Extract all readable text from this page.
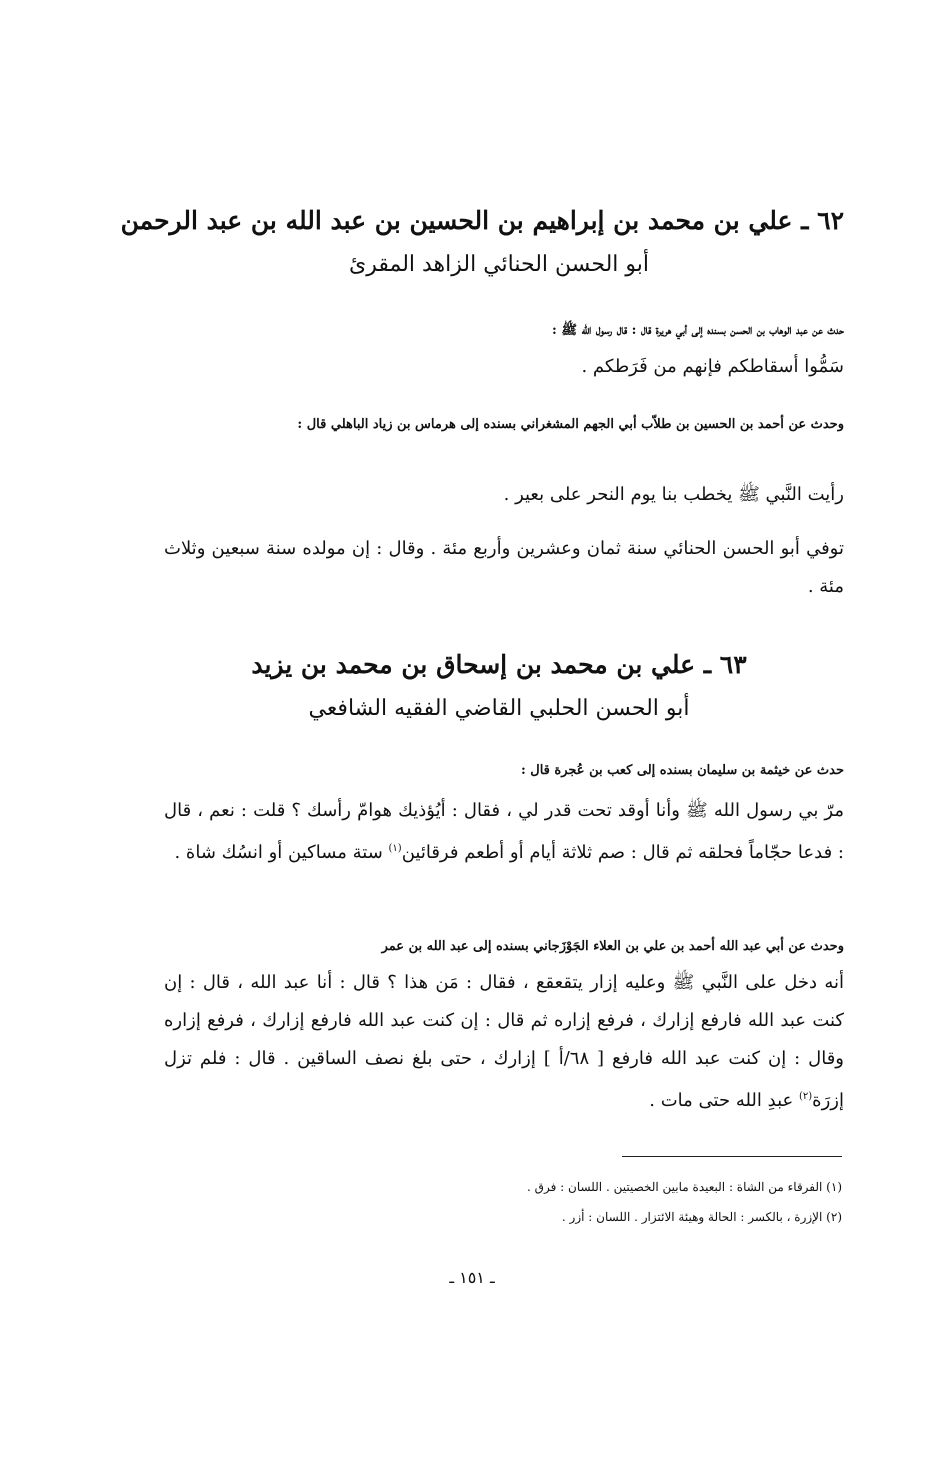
٦٢ ـ علي بن محمد بن إبراهيم بن الحسين بن عبد الله بن عبد الرحمن
أبو الحسن الحنائي الزاهد المقرئ
حدث عن عبد الوهاب بن الحسن بسنده إلى أبي هريرة قال : قال رسول الله ﷺ :
سَمُّوا أسقاطكم فإنهم من فَرَطكم .
وحدث عن أحمد بن الحسين بن طلاّب أبي الجهم المشغراني بسنده إلى هرماس بن زياد الباهلي قال :
رأيت النَّبي ﷺ يخطب بنا يوم النحر على بعير .
توفي أبو الحسن الحنائي سنة ثمان وعشرين وأربع مئة . وقال : إن مولده سنة سبعين وثلاث مئة .
٦٣ ـ علي بن محمد بن إسحاق بن محمد بن يزيد
أبو الحسن الحلبي القاضي الفقيه الشافعي
حدث عن خيثمة بن سليمان بسنده إلى كعب بن عُجرة قال :
مرّ بي رسول الله ﷺ وأنا أوقد تحت قدر لي ، فقال : أيُؤذيك هوامّ رأسك ؟ قلت : نعم ، قال : فدعا حجّاماً فحلقه ثم قال : صم ثلاثة أيام أو أطعم فرقائين$^{(١)}$ ستة مساكين أو انسُك شاة .
وحدث عن أبي عبد الله أحمد بن علي بن العلاء الجَوْزَجاني بسنده إلى عبد الله بن عمر
أنه دخل على النَّبي ﷺ وعليه إزار يتقعقع ، فقال : مَن هذا ؟ قال : أنا عبد الله ، قال : إن كنت عبد الله فارفع إزارك ، فرفع إزاره ثم قال : إن كنت عبد الله فارفع إزارك ، فرفع إزاره وقال : إن كنت عبد الله فارفع [ ٦٨/أ ] إزارك ، حتى بلغ نصف الساقين . قال : فلم تزل إزرَة$^{(٢)}$ عبدِ الله حتى مات .
(١) الفرقاء من الشاة : البعيدة مابين الخصيتين . اللسان : فرق .
(٢) الإزرة ، بالكسر : الحالة وهيئة الائتزار . اللسان : أزر .
ـ ١٥١ ـ
